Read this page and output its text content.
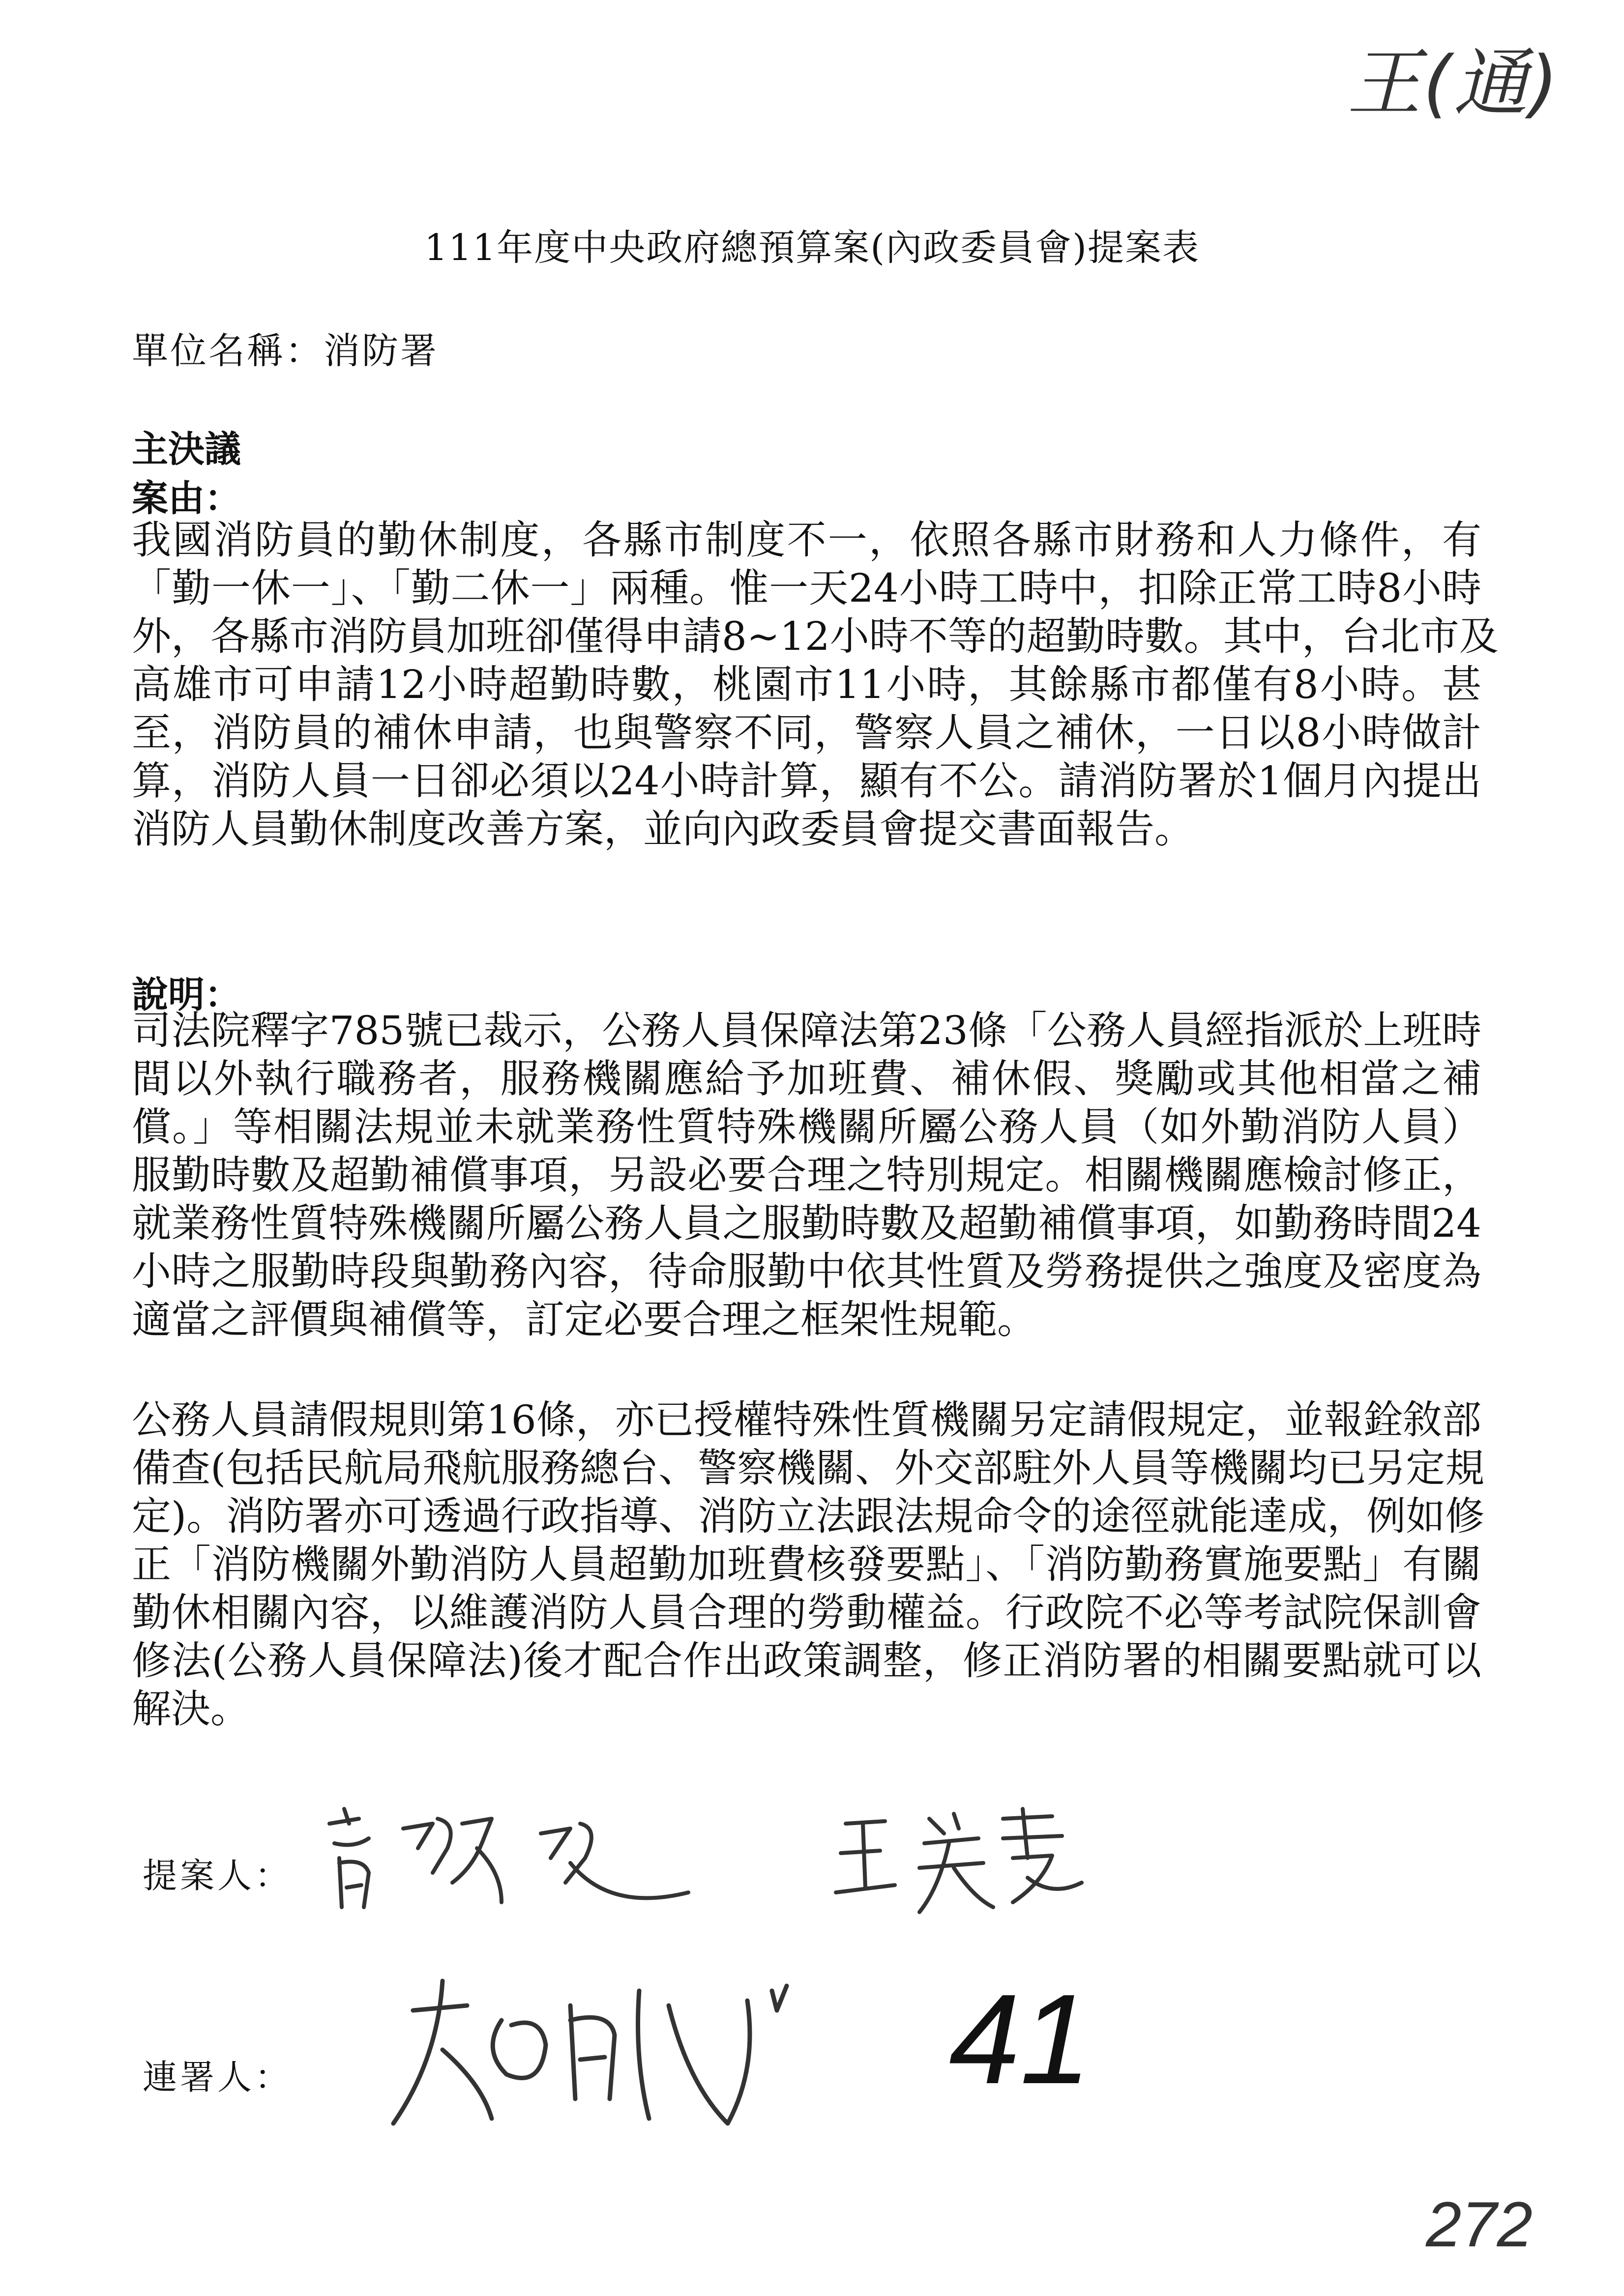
王(通)
111年度中央政府總預算案(內政委員會)提案表
單位名稱：消防署
主決議
案由：
我國消防員的勤休制度，各縣市制度不一，依照各縣市財務和人力條件，有
「勤一休一」、「勤二休一」兩種。惟一天24小時工時中，扣除正常工時8小時
外，各縣市消防員加班卻僅得申請8~12小時不等的超勤時數。其中，台北市及
高雄市可申請12小時超勤時數，桃園市11小時，其餘縣市都僅有8小時。甚
至，消防員的補休申請，也與警察不同，警察人員之補休，一日以8小時做計
算，消防人員一日卻必須以24小時計算，顯有不公。請消防署於1個月內提出
消防人員勤休制度改善方案，並向內政委員會提交書面報告。
說明：
司法院釋字785號已裁示，公務人員保障法第23條「公務人員經指派於上班時
間以外執行職務者，服務機關應給予加班費、補休假、獎勵或其他相當之補
償。」等相關法規並未就業務性質特殊機關所屬公務人員（如外勤消防人員）
服勤時數及超勤補償事項，另設必要合理之特別規定。相關機關應檢討修正，
就業務性質特殊機關所屬公務人員之服勤時數及超勤補償事項，如勤務時間24
小時之服勤時段與勤務內容，待命服勤中依其性質及勞務提供之強度及密度為
適當之評價與補償等，訂定必要合理之框架性規範。
公務人員請假規則第16條，亦已授權特殊性質機關另定請假規定，並報銓敘部
備查(包括民航局飛航服務總台、警察機關、外交部駐外人員等機關均已另定規
定)。消防署亦可透過行政指導、消防立法跟法規命令的途徑就能達成，例如修
正「消防機關外勤消防人員超勤加班費核發要點」、「消防勤務實施要點」有關
勤休相關內容，以維護消防人員合理的勞動權益。行政院不必等考試院保訓會
修法(公務人員保障法)後才配合作出政策調整，修正消防署的相關要點就可以
解決。
提案人：
連署人：	41
272
